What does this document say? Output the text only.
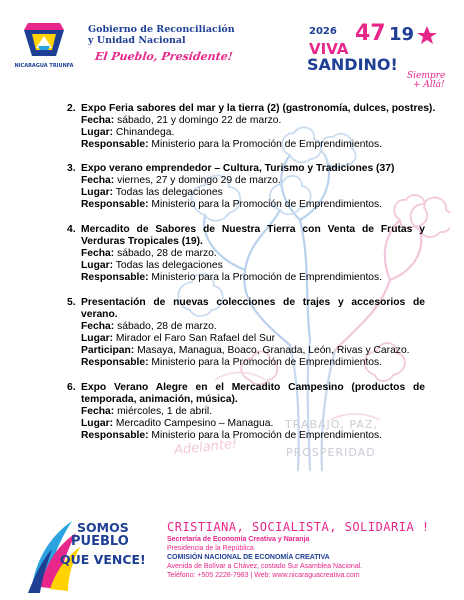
NICARAGUA TRIUNFA
Gobierno de Reconciliación
y Unidad Nacional
El Pueblo, Presidente!
2026 47 19
VIVA
SANDINO!
Siempre
+ Allá!
Adelante!
TRABAJO, PAZ,
PROSPERIDAD
2. Expo Feria sabores del mar y la tierra (2) (gastronomía, dulces, postres).
Fecha: sábado, 21 y domingo 22 de marzo.
Lugar: Chinandega.
Responsable: Ministerio para la Promoción de Emprendimientos.
3. Expo verano emprendedor – Cultura, Turismo y Tradiciones (37)
Fecha: viernes, 27 y domingo 29 de marzo.
Lugar: Todas las delegaciones
Responsable: Ministerio para la Promoción de Emprendimientos.
4. Mercadito de Sabores de Nuestra Tierra con Venta de Frutas y Verduras Tropicales (19).
Fecha: sábado, 28 de marzo.
Lugar: Todas las delegaciones
Responsable: Ministerio para la Promoción de Emprendimientos.
5. Presentación de nuevas colecciones de trajes y accesorios de verano.
Fecha: sábado, 28 de marzo.
Lugar: Mirador el Faro San Rafael del Sur
Participan: Masaya, Managua, Boaco, Granada, León, Rivas y Carazo.
Responsable: Ministerio para la Promoción de Emprendimientos.
6. Expo Verano Alegre en el Mercadito Campesino (productos de temporada, animación, música).
Fecha: miércoles, 1 de abril.
Lugar: Mercadito Campesino – Managua.
Responsable: Ministerio para la Promoción de Emprendimientos.
SOMOS
PUEBLO
QUE VENCE!
CRISTIANA, SOCIALISTA, SOLIDARIA !
Secretaría de Economía Creativa y Naranja
Presidencia de la República
COMISIÓN NACIONAL DE ECONOMÍA CREATIVA
Avenida de Bolívar a Chávez, costado Sur Asamblea Nacional.
Teléfono: +505 2228-7983 | Web: www.nicaraguacreativa.com
